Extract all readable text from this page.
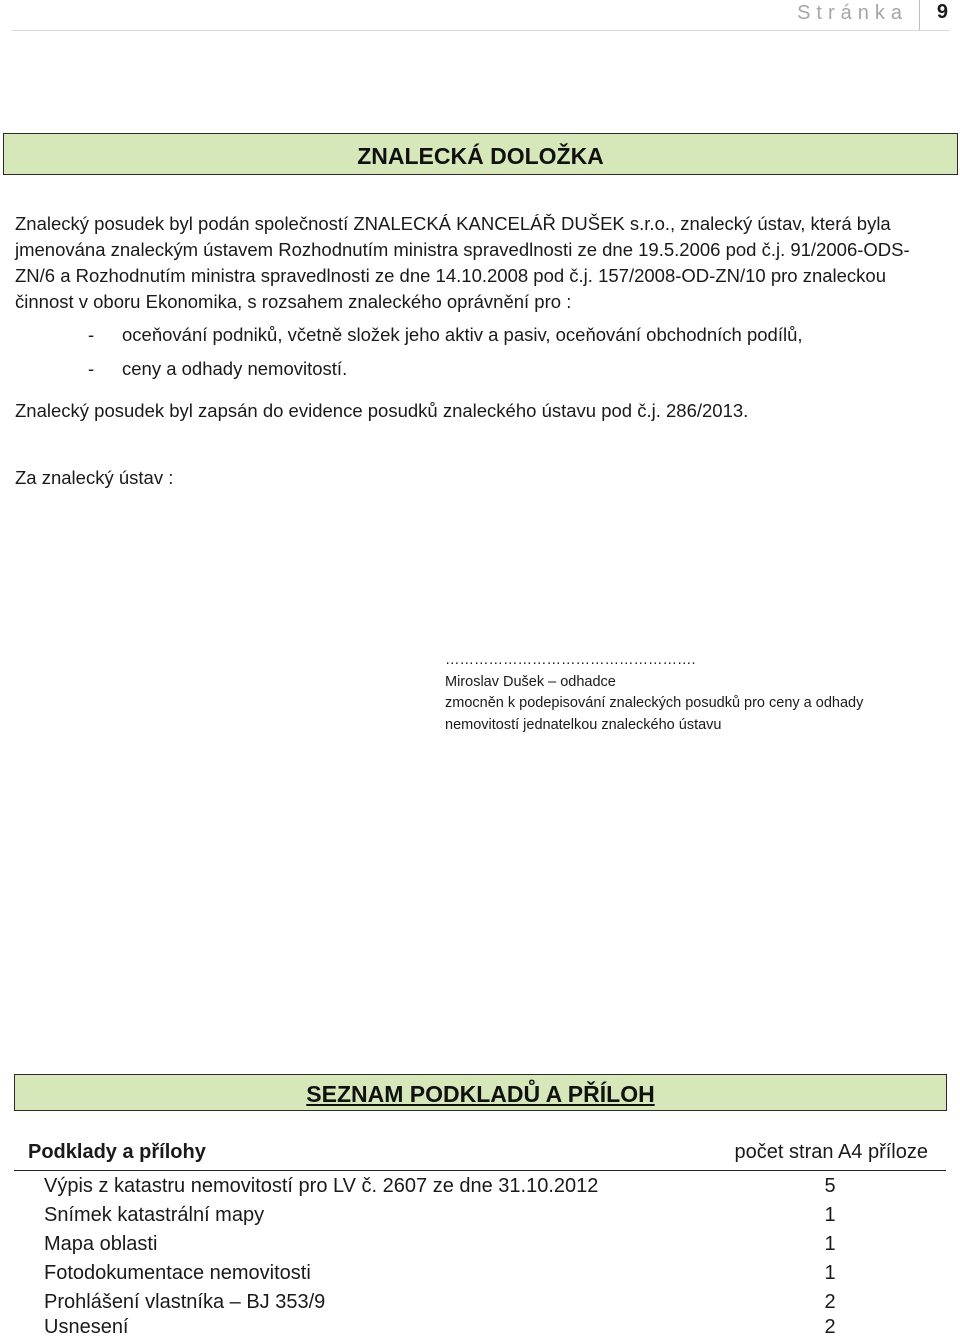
Stránka 9
ZNALECKÁ DOLOŽKA

Znalecký posudek byl podán společností ZNALECKÁ KANCELÁŘ DUŠEK s.r.o., znalecký ústav, která byla jmenována znaleckým ústavem Rozhodnutím ministra spravedlnosti ze dne 19.5.2006 pod č.j. 91/2006-ODS-ZN/6 a Rozhodnutím ministra spravedlnosti ze dne 14.10.2008 pod č.j. 157/2008-OD-ZN/10 pro znaleckou činnost v oboru Ekonomika, s rozsahem znaleckého oprávnění pro :

- oceňování podniků, včetně složek jeho aktiv a pasiv, oceňování obchodních podílů,
- ceny a odhady nemovitostí.

Znalecký posudek byl zapsán do evidence posudků znaleckého ústavu pod č.j. 286/2013.

Za znalecký ústav :

…………………………………………….
Miroslav Dušek – odhadce
zmocněn k podepisování znaleckých posudků pro ceny a odhady
nemovitostí jednatelkou znaleckého ústavu
SEZNAM PODKLADŮ A PŘÍLOH
Podklady a přílohy	počet stran A4 příloze
Výpis z katastru nemovitostí pro LV č. 2607 ze dne 31.10.2012	5
Snímek katastrální mapy	1
Mapa oblasti	1
Fotodokumentace nemovitosti	1
Prohlášení vlastníka – BJ 353/9	2
Usnesení	2
